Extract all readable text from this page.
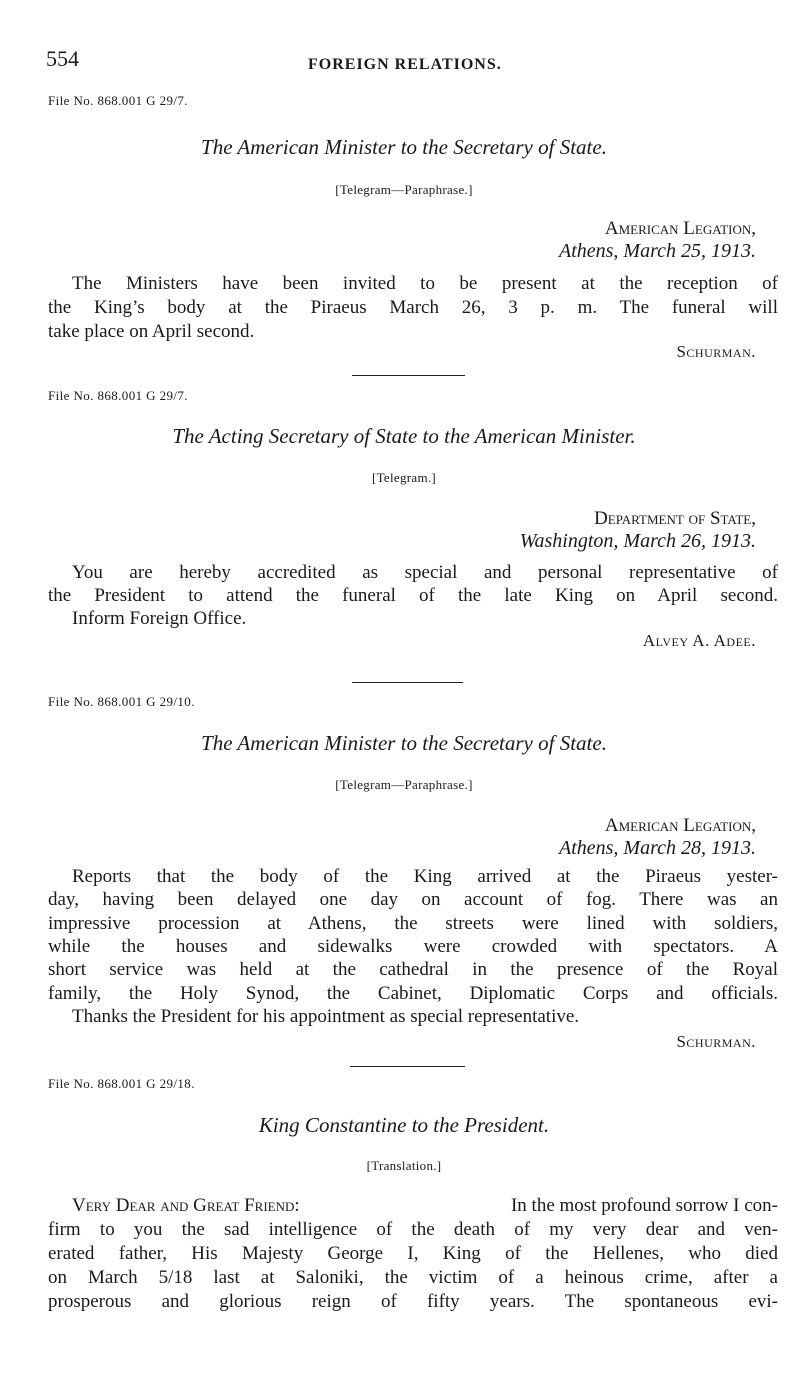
554	FOREIGN RELATIONS.
File No. 868.001 G 29/7.
The American Minister to the Secretary of State.
[Telegram—Paraphrase.]
American Legation,
Athens, March 25, 1913.
The Ministers have been invited to be present at the reception of
the King’s body at the Piraeus March 26, 3 p. m. The funeral will
take place on April second.
Schurman.
File No. 868.001 G 29/7.
The Acting Secretary of State to the American Minister.
[Telegram.]
Department of State,
Washington, March 26, 1913.
You are hereby accredited as special and personal representative of
the President to attend the funeral of the late King on April second.
Inform Foreign Office.
Alvey A. Adee.
File No. 868.001 G 29/10.
The American Minister to the Secretary of State.
[Telegram—Paraphrase.]
American Legation,
Athens, March 28, 1913.
Reports that the body of the King arrived at the Piraeus yester-
day, having been delayed one day on account of fog. There was an
impressive procession at Athens, the streets were lined with soldiers,
while the houses and sidewalks were crowded with spectators. A
short service was held at the cathedral in the presence of the Royal
family, the Holy Synod, the Cabinet, Diplomatic Corps and officials.
Thanks the President for his appointment as special representative.
Schurman.
File No. 868.001 G 29/18.
King Constantine to the President.
[Translation.]
Very Dear and Great Friend:	In the most profound sorrow I con-
firm to you the sad intelligence of the death of my very dear and ven-
erated father, His Majesty George I, King of the Hellenes, who died
on March 5/18 last at Saloniki, the victim of a heinous crime, after a
prosperous and glorious reign of fifty years. The spontaneous evi-
